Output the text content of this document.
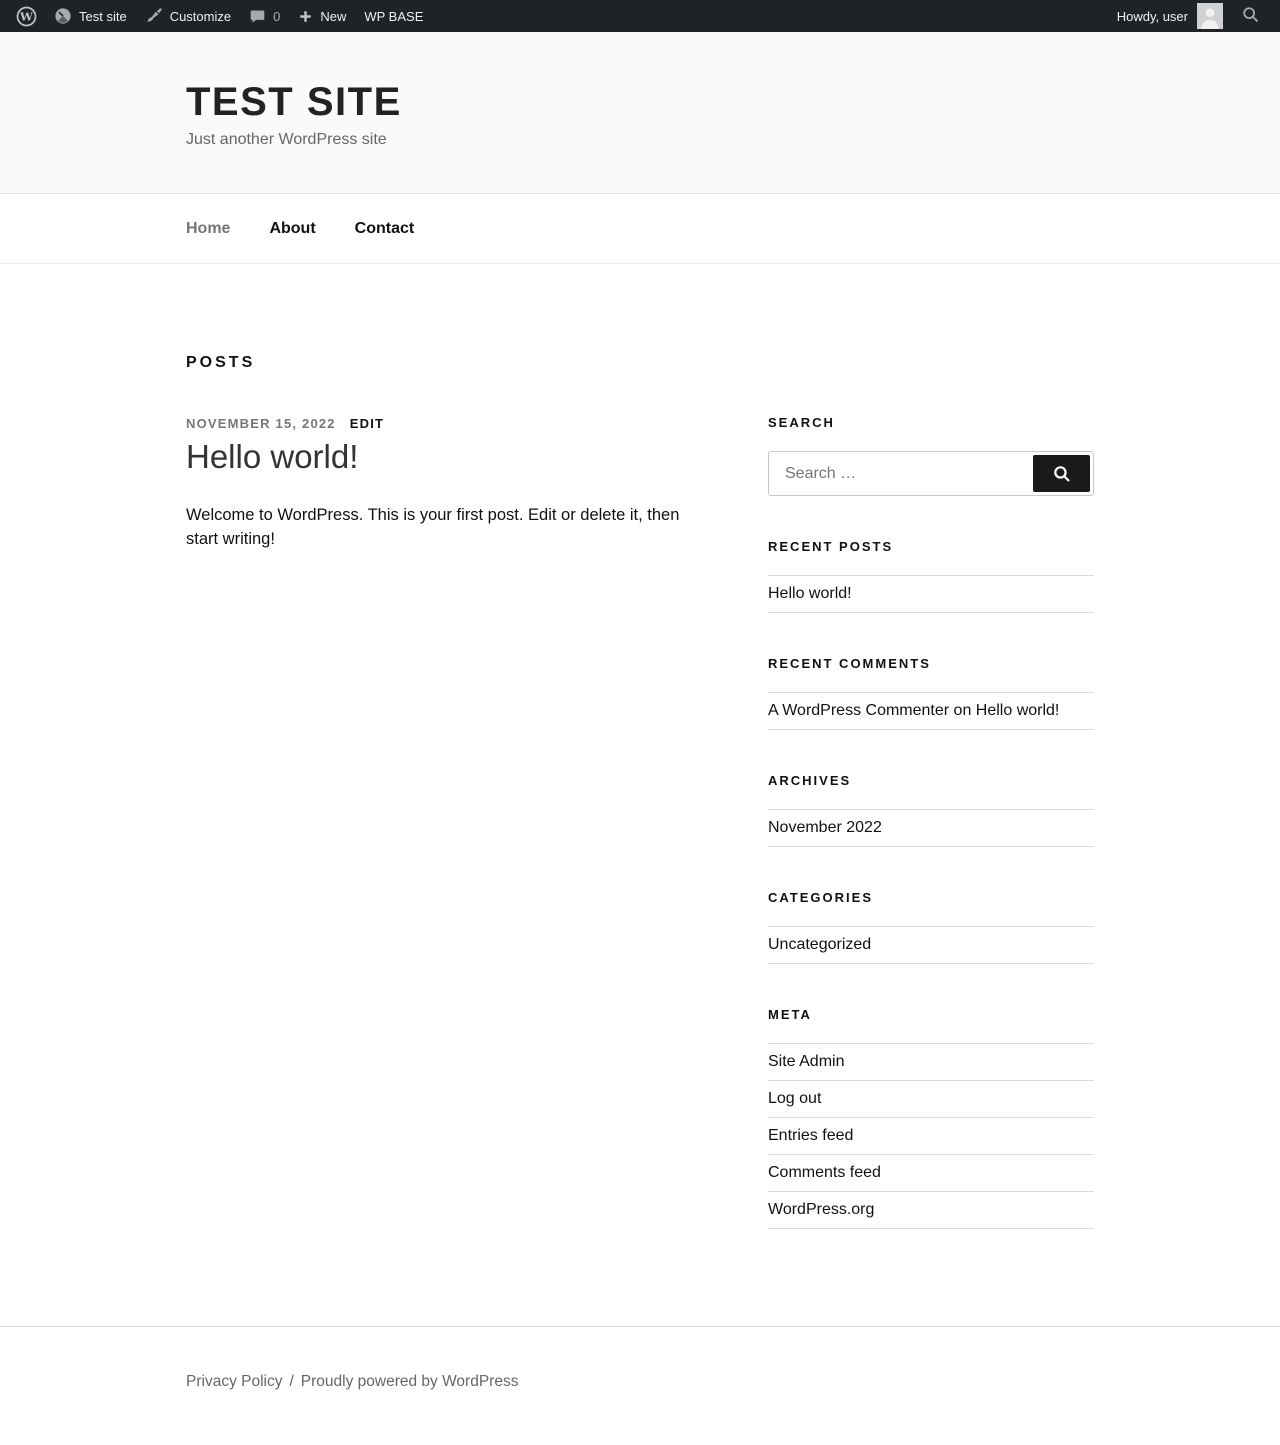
W	Test site	Customize	0	New WP BASE	Howdy, user
TEST SITE

Just another WordPress site

Home About Contact
POSTS
NOVEMBER 15, 2022 EDIT
Hello world!

Welcome to WordPress. This is your first post. Edit or delete it, then start writing!

SEARCH
Search …
RECENT POSTS
Hello world!
RECENT COMMENTS
A WordPress Commenter on Hello world!
ARCHIVES
November 2022
CATEGORIES
Uncategorized
META
Site Admin
Log out
Entries feed
Comments feed
WordPress.org
Privacy Policy / Proudly powered by WordPress
